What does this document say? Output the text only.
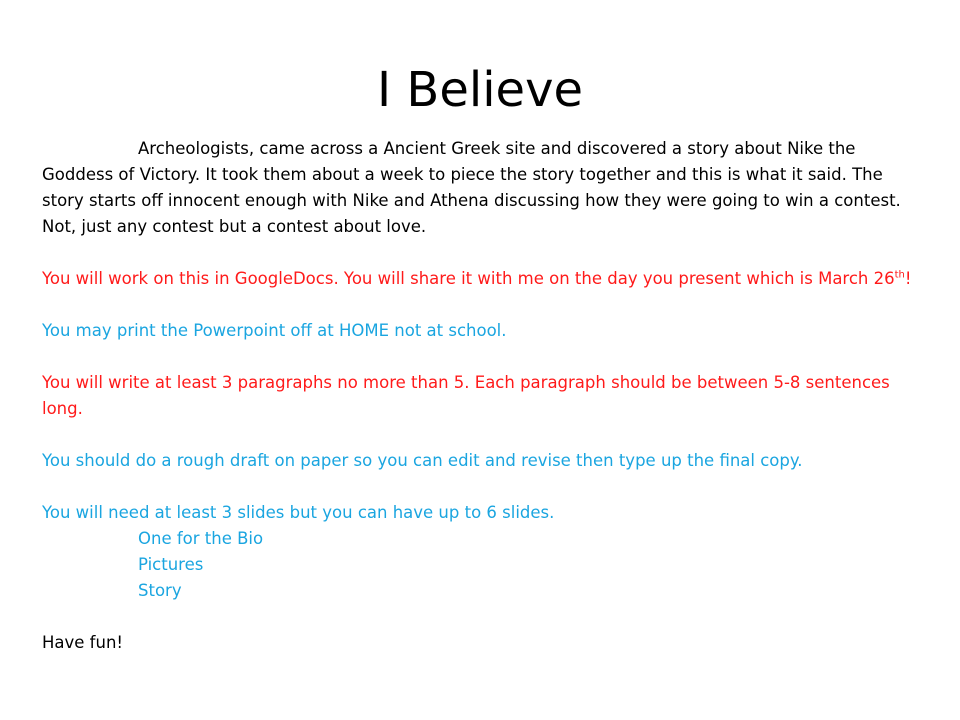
I Believe

Archeologists, came across a Ancient Greek site and discovered a story about Nike the Goddess of Victory. It took them about a week to piece the story together and this is what it said. The story starts off innocent enough with Nike and Athena discussing how they were going to win a contest. Not, just any contest but a contest about love.

You will work on this in GoogleDocs. You will share it with me on the day you present which is March 26th!

You may print the Powerpoint off at HOME not at school.

You will write at least 3 paragraphs no more than 5. Each paragraph should be between 5-8 sentences long.

You should do a rough draft on paper so you can edit and revise then type up the final copy.

You will need at least 3 slides but you can have up to 6 slides.

One for the Bio
Pictures
Story

Have fun!
